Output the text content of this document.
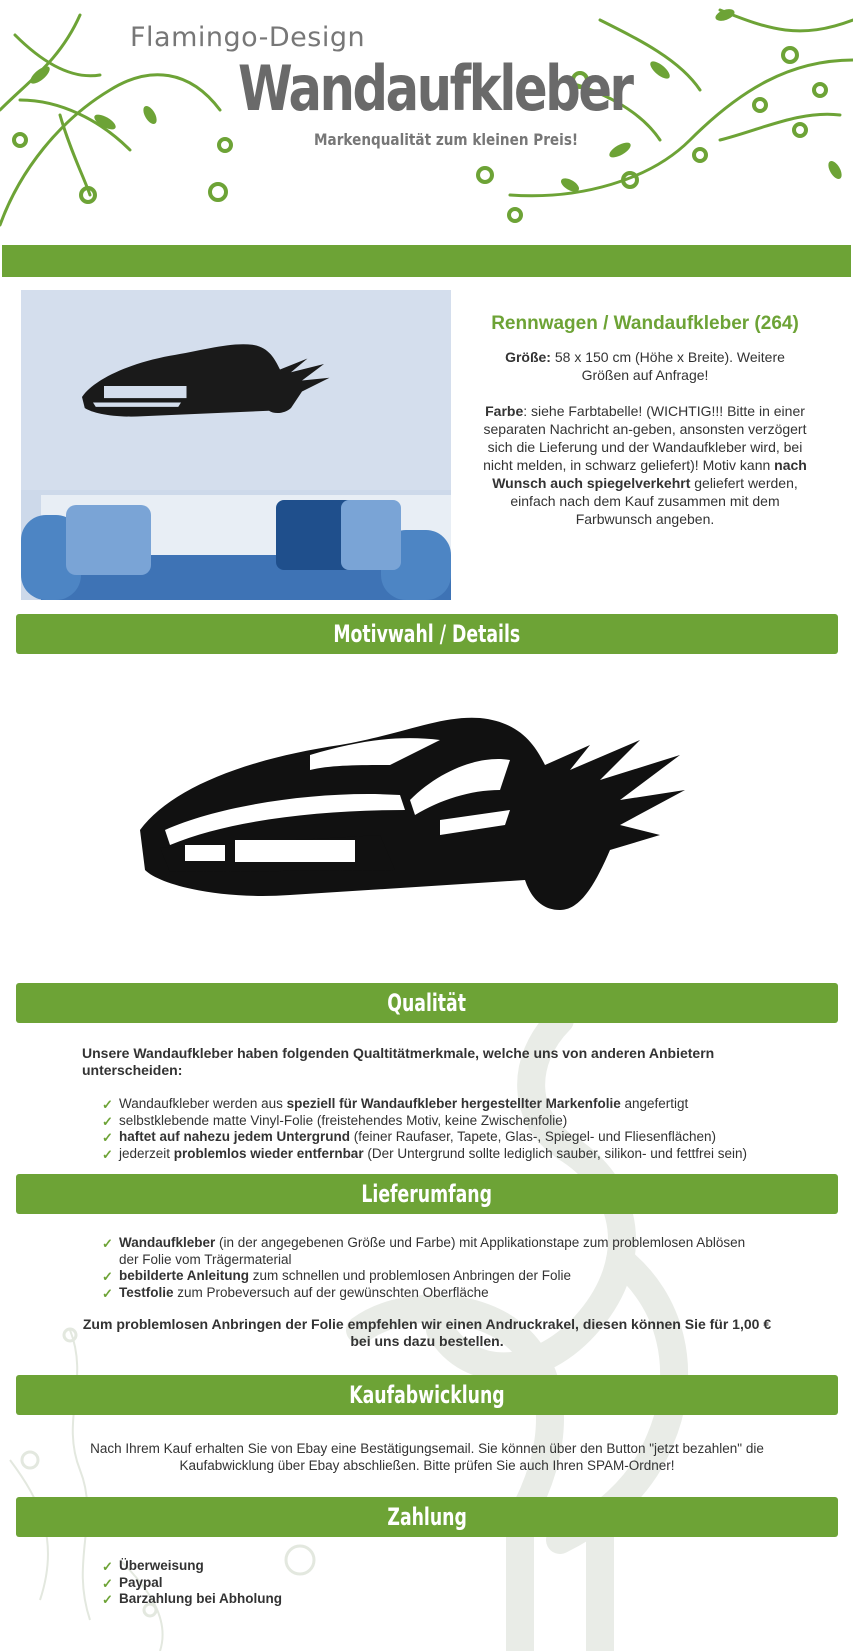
Flamingo-Design
Wandaufkleber
Markenqualität zum kleinen Preis!
Rennwagen / Wandaufkleber (264)

Größe: 58 x 150 cm (Höhe x Breite). Weitere Größen auf Anfrage!

Farbe: siehe Farbtabelle! (WICHTIG!!! Bitte in einer separaten Nachricht an-geben, ansonsten verzögert sich die Lieferung und der Wandaufkleber wird, bei nicht melden, in schwarz geliefert)! Motiv kann nach Wunsch auch spiegelverkehrt geliefert werden, einfach nach dem Kauf zusammen mit dem Farbwunsch angeben.

Motivwahl / Details
Qualität
Unsere Wandaufkleber haben folgenden Qualtitätmerkmale, welche uns von anderen Anbietern unterscheiden:
✓ Wandaufkleber werden aus speziell für Wandaufkleber hergestellter Markenfolie angefertigt
✓ selbstklebende matte Vinyl-Folie (freistehendes Motiv, keine Zwischenfolie)
✓ haftet auf nahezu jedem Untergrund (feiner Raufaser, Tapete, Glas-, Spiegel- und Fliesenflächen)
✓ jederzeit problemlos wieder entfernbar (Der Untergrund sollte lediglich sauber, silikon- und fettfrei sein)
Lieferumfang
✓ Wandaufkleber (in der angegebenen Größe und Farbe) mit Applikationstape zum problemlosen Ablösen der Folie vom Trägermaterial
✓ bebilderte Anleitung zum schnellen und problemlosen Anbringen der Folie
✓ Testfolie zum Probeversuch auf der gewünschten Oberfläche
Zum problemlosen Anbringen der Folie empfehlen wir einen Andruckrakel, diesen können Sie für 1,00 € bei uns dazu bestellen.
Kaufabwicklung
Nach Ihrem Kauf erhalten Sie von Ebay eine Bestätigungsemail. Sie können über den Button "jetzt bezahlen" die Kaufabwicklung über Ebay abschließen. Bitte prüfen Sie auch Ihren SPAM-Ordner!
Zahlung
✓ Überweisung
✓ Paypal
✓ Barzahlung bei Abholung
